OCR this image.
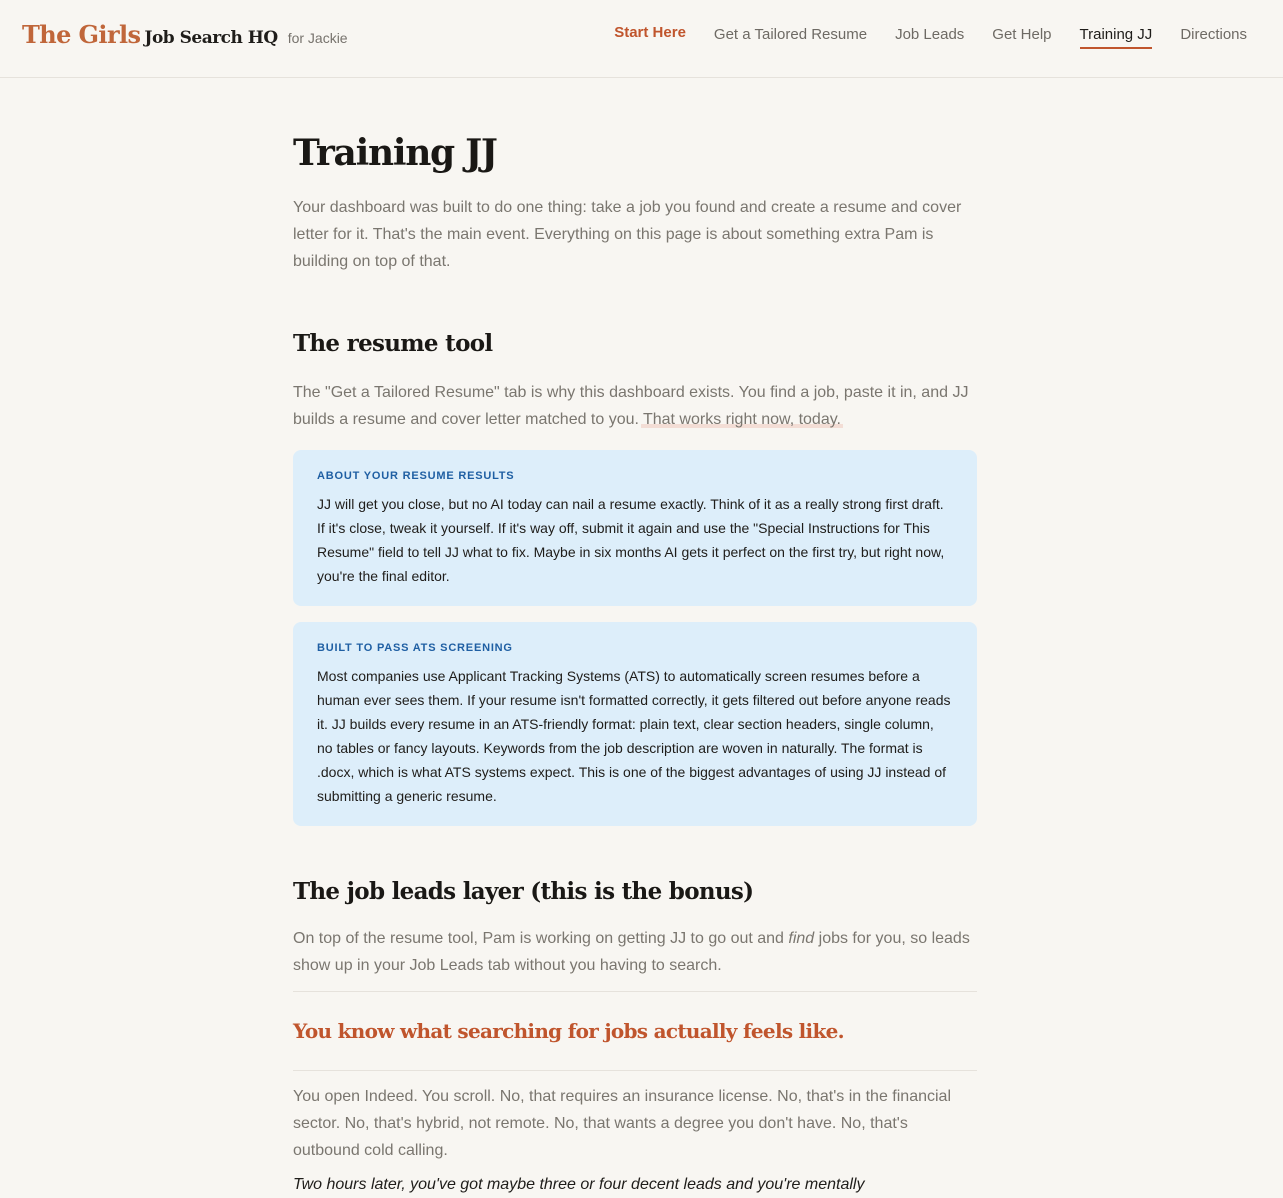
The Girls Job Search HQ for Jackie	Start Here Get a Tailored Resume Job Leads Get Help Training JJ Directions
Training JJ

Your dashboard was built to do one thing: take a job you found and create a resume and cover letter for it. That's the main event. Everything on this page is about something extra Pam is building on top of that.

The resume tool

The "Get a Tailored Resume" tab is why this dashboard exists. You find a job, paste it in, and JJ builds a resume and cover letter matched to you. That works right now, today.

ABOUT YOUR RESUME RESULTS
JJ will get you close, but no AI today can nail a resume exactly. Think of it as a really strong first draft. If it's close, tweak it yourself. If it's way off, submit it again and use the "Special Instructions for This Resume" field to tell JJ what to fix. Maybe in six months AI gets it perfect on the first try, but right now, you're the final editor.
BUILT TO PASS ATS SCREENING
Most companies use Applicant Tracking Systems (ATS) to automatically screen resumes before a human ever sees them. If your resume isn't formatted correctly, it gets filtered out before anyone reads it. JJ builds every resume in an ATS-friendly format: plain text, clear section headers, single column, no tables or fancy layouts. Keywords from the job description are woven in naturally. The format is .docx, which is what ATS systems expect. This is one of the biggest advantages of using JJ instead of submitting a generic resume.
The job leads layer (this is the bonus)

On top of the resume tool, Pam is working on getting JJ to go out and find jobs for you, so leads show up in your Job Leads tab without you having to search.

You know what searching for jobs actually feels like.

You open Indeed. You scroll. No, that requires an insurance license. No, that's in the financial sector. No, that's hybrid, not remote. No, that wants a degree you don't have. No, that's outbound cold calling.

Two hours later, you've got maybe three or four decent leads and you're mentally
